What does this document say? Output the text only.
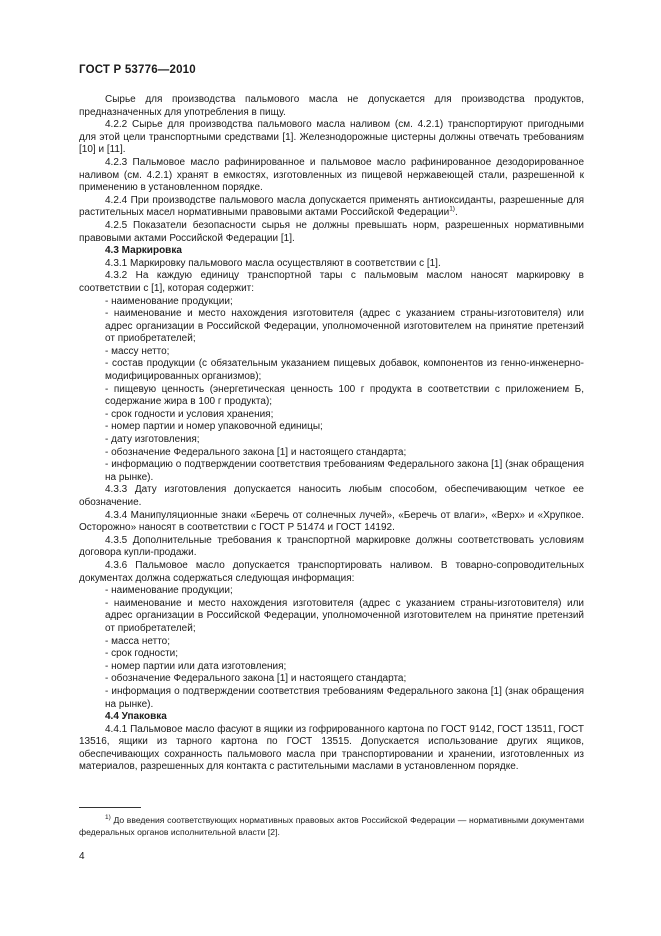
ГОСТ Р 53776—2010

Сырье для производства пальмового масла не допускается для производства продуктов, предназначенных для употребления в пищу.

4.2.2 Сырье для производства пальмового масла наливом (см. 4.2.1) транспортируют пригодными для этой цели транспортными средствами [1]. Железнодорожные цистерны должны отвечать требованиям [10] и [11].

4.2.3 Пальмовое масло рафинированное и пальмовое масло рафинированное дезодорированное наливом (см. 4.2.1) хранят в емкостях, изготовленных из пищевой нержавеющей стали, разрешенной к применению в установленном порядке.

4.2.4 При производстве пальмового масла допускается применять антиоксиданты, разрешенные для растительных масел нормативными правовыми актами Российской Федерации$^{1)}$.

4.2.5 Показатели безопасности сырья не должны превышать норм, разрешенных нормативными правовыми актами Российской Федерации [1].

4.3 Маркировка

4.3.1 Маркировку пальмового масла осуществляют в соответствии с [1].

4.3.2 На каждую единицу транспортной тары с пальмовым маслом наносят маркировку в соответствии с [1], которая содержит:

- наименование продукции;

- наименование и место нахождения изготовителя (адрес с указанием страны-изготовителя) или адрес организации в Российской Федерации, уполномоченной изготовителем на принятие претензий от приобретателей;

- массу нетто;

- состав продукции (с обязательным указанием пищевых добавок, компонентов из генно-инженерно-модифицированных организмов);

- пищевую ценность (энергетическая ценность 100 г продукта в соответствии с приложением Б, содержание жира в 100 г продукта);

- срок годности и условия хранения;

- номер партии и номер упаковочной единицы;

- дату изготовления;

- обозначение Федерального закона [1] и настоящего стандарта;

- информацию о подтверждении соответствия требованиям Федерального закона [1] (знак обращения на рынке).

4.3.3 Дату изготовления допускается наносить любым способом, обеспечивающим четкое ее обозначение.

4.3.4 Манипуляционные знаки «Беречь от солнечных лучей», «Беречь от влаги», «Верх» и «Хрупкое. Осторожно» наносят в соответствии с ГОСТ Р 51474 и ГОСТ 14192.

4.3.5 Дополнительные требования к транспортной маркировке должны соответствовать условиям договора купли-продажи.

4.3.6 Пальмовое масло допускается транспортировать наливом. В товарно-сопроводительных документах должна содержаться следующая информация:

- наименование продукции;

- наименование и место нахождения изготовителя (адрес с указанием страны-изготовителя) или адрес организации в Российской Федерации, уполномоченной изготовителем на принятие претензий от приобретателей;

- масса нетто;

- срок годности;

- номер партии или дата изготовления;

- обозначение Федерального закона [1] и настоящего стандарта;

- информация о подтверждении соответствия требованиям Федерального закона [1] (знак обращения на рынке).

4.4 Упаковка

4.4.1 Пальмовое масло фасуют в ящики из гофрированного картона по ГОСТ 9142, ГОСТ 13511, ГОСТ 13516, ящики из тарного картона по ГОСТ 13515. Допускается использование других ящиков, обеспечивающих сохранность пальмового масла при транспортировании и хранении, изготовленных из материалов, разрешенных для контакта с растительными маслами в установленном порядке.

$^{1)}$ До введения соответствующих нормативных правовых актов Российской Федерации — нормативными документами федеральных органов исполнительной власти [2].
4
